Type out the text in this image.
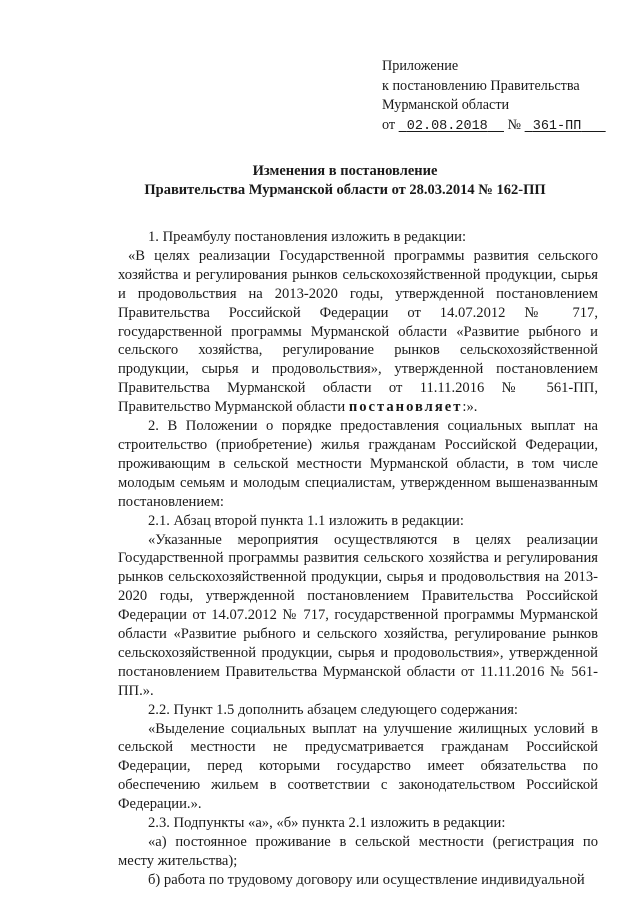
Приложение
к постановлению Правительства
Мурманской области
от 02.08.2018 № 361-ПП
Изменения в постановление
Правительства Мурманской области от 28.03.2014 № 162-ПП

1. Преамбулу постановления изложить в редакции:

«В целях реализации Государственной программы развития сельского хозяйства и регулирования рынков сельскохозяйственной продукции, сырья и продовольствия на 2013-2020 годы, утвержденной постановлением Правительства Российской Федерации от 14.07.2012 № 717, государственной программы Мурманской области «Развитие рыбного и сельского хозяйства, регулирование рынков сельскохозяйственной продукции, сырья и продовольствия», утвержденной постановлением Правительства Мурманской области от 11.11.2016 № 561-ПП, Правительство Мурманской области постановляет:».

2. В Положении о порядке предоставления социальных выплат на строительство (приобретение) жилья гражданам Российской Федерации, проживающим в сельской местности Мурманской области, в том числе молодым семьям и молодым специалистам, утвержденном вышеназванным постановлением:

2.1. Абзац второй пункта 1.1 изложить в редакции:

«Указанные мероприятия осуществляются в целях реализации Государственной программы развития сельского хозяйства и регулирования рынков сельскохозяйственной продукции, сырья и продовольствия на 2013-2020 годы, утвержденной постановлением Правительства Российской Федерации от 14.07.2012 № 717, государственной программы Мурманской области «Развитие рыбного и сельского хозяйства, регулирование рынков сельскохозяйственной продукции, сырья и продовольствия», утвержденной постановлением Правительства Мурманской области от 11.11.2016 № 561-ПП.».

2.2. Пункт 1.5 дополнить абзацем следующего содержания:

«Выделение социальных выплат на улучшение жилищных условий в сельской местности не предусматривается гражданам Российской Федерации, перед которыми государство имеет обязательства по обеспечению жильем в соответствии с законодательством Российской Федерации.».

2.3. Подпункты «а», «б» пункта 2.1 изложить в редакции:

«а) постоянное проживание в сельской местности (регистрация по месту жительства);

б) работа по трудовому договору или осуществление индивидуальной
